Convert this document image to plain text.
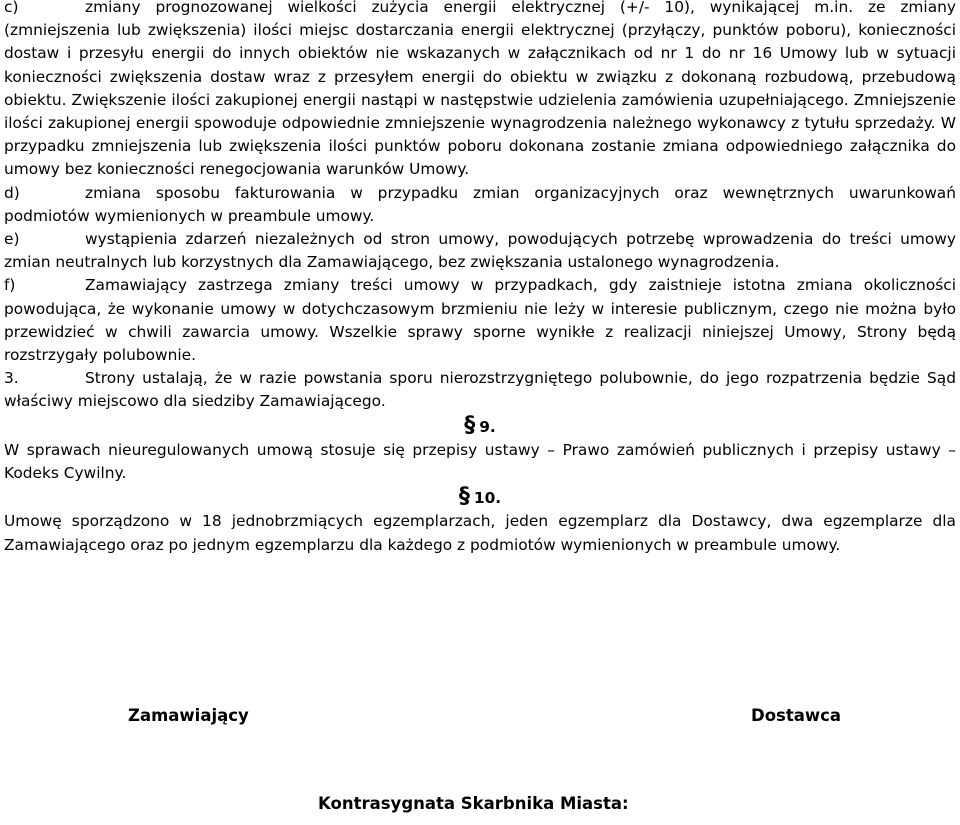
c)	zmiany prognozowanej wielkości zużycia energii elektrycznej (+/- 10), wynikającej m.in. ze zmiany (zmniejszenia lub zwiększenia) ilości miejsc dostarczania energii elektrycznej (przyłączy, punktów poboru), konieczności dostaw i przesyłu energii do innych obiektów nie wskazanych w załącznikach od nr 1 do nr 16 Umowy lub w sytuacji konieczności zwiększenia dostaw wraz z przesyłem energii do obiektu w związku z dokonaną rozbudową, przebudową obiektu. Zwiększenie ilości zakupionej energii nastąpi w następstwie udzielenia zamówienia uzupełniającego. Zmniejszenie ilości zakupionej energii spowoduje odpowiednie zmniejszenie wynagrodzenia należnego wykonawcy z tytułu sprzedaży. W przypadku zmniejszenia lub zwiększenia ilości punktów poboru dokonana zostanie zmiana odpowiedniego załącznika do umowy bez konieczności renegocjowania warunków Umowy.

d)	zmiana sposobu fakturowania w przypadku zmian organizacyjnych oraz wewnętrznych uwarunkowań podmiotów wymienionych w preambule umowy.

e)	wystąpienia zdarzeń niezależnych od stron umowy, powodujących potrzebę wprowadzenia do treści umowy zmian neutralnych lub korzystnych dla Zamawiającego, bez zwiększania ustalonego wynagrodzenia.

f)	Zamawiający zastrzega zmiany treści umowy w przypadkach, gdy zaistnieje istotna zmiana okoliczności powodująca, że wykonanie umowy w dotychczasowym brzmieniu nie leży w interesie publicznym, czego nie można było przewidzieć w chwili zawarcia umowy. Wszelkie sprawy sporne wynikłe z realizacji niniejszej Umowy, Strony będą rozstrzygały polubownie.

3.	Strony ustalają, że w razie powstania sporu nierozstrzygniętego polubownie, do jego rozpatrzenia będzie Sąd właściwy miejscowo dla siedziby Zamawiającego.

§ 9.

W sprawach nieuregulowanych umową stosuje się przepisy ustawy – Prawo zamówień publicznych i przepisy ustawy – Kodeks Cywilny.

§ 10.

Umowę sporządzono w 18 jednobrzmiących egzemplarzach, jeden egzemplarz dla Dostawcy, dwa egzemplarze dla Zamawiającego oraz po jednym egzemplarzu dla każdego z podmiotów wymienionych w preambule umowy.

Zamawiający	Dostawca
Kontrasygnata Skarbnika Miasta:
